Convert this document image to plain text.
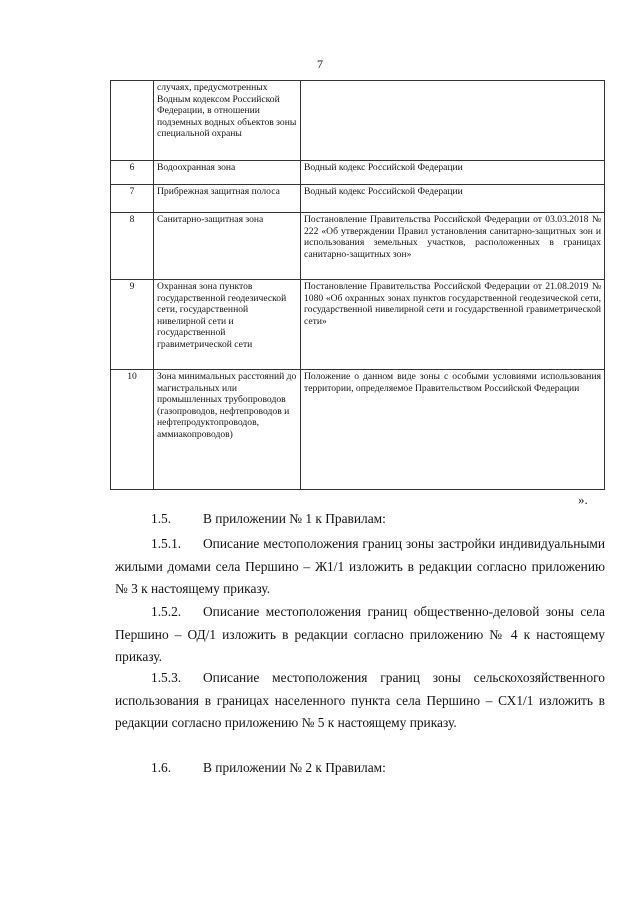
7
	случаях, предусмотренных Водным кодексом Российской Федерации, в отношении подземных водных объектов зоны специальной охраны	
6	Водоохранная зона	Водный кодекс Российской Федерации
7	Прибрежная защитная полоса	Водный кодекс Российской Федерации
8	Санитарно-защитная зона	Постановление Правительства Российской Федерации от 03.03.2018 № 222 «Об утверждении Правил установления санитарно-защитных зон и использования земельных участков, расположенных в границах санитарно-защитных зон»
9	Охранная зона пунктов государственной геодезической сети, государственной нивелирной сети и государственной гравиметрической сети	Постановление Правительства Российской Федерации от 21.08.2019 № 1080 «Об охранных зонах пунктов государственной геодезической сети, государственной нивелирной сети и государственной гравиметрической сети»
10	Зона минимальных расстояний до магистральных или промышленных трубопроводов (газопроводов, нефтепроводов и нефтепродуктопроводов, аммиакопроводов)	Положение о данном виде зоны с особыми условиями использования территории, определяемое Правительством Российской Федерации
».

1.5. В приложении № 1 к Правилам:

1.5.1. Описание местоположения границ зоны застройки индивидуальными жилыми домами села Першино – Ж1/1 изложить в редакции согласно приложению № 3 к настоящему приказу.

1.5.2. Описание местоположения границ общественно-деловой зоны села Першино – ОД/1 изложить в редакции согласно приложению № 4 к настоящему приказу.

1.5.3. Описание местоположения границ зоны сельскохозяйственного использования в границах населенного пункта села Першино – СХ1/1 изложить в редакции согласно приложению № 5 к настоящему приказу.

1.6. В приложении № 2 к Правилам:
